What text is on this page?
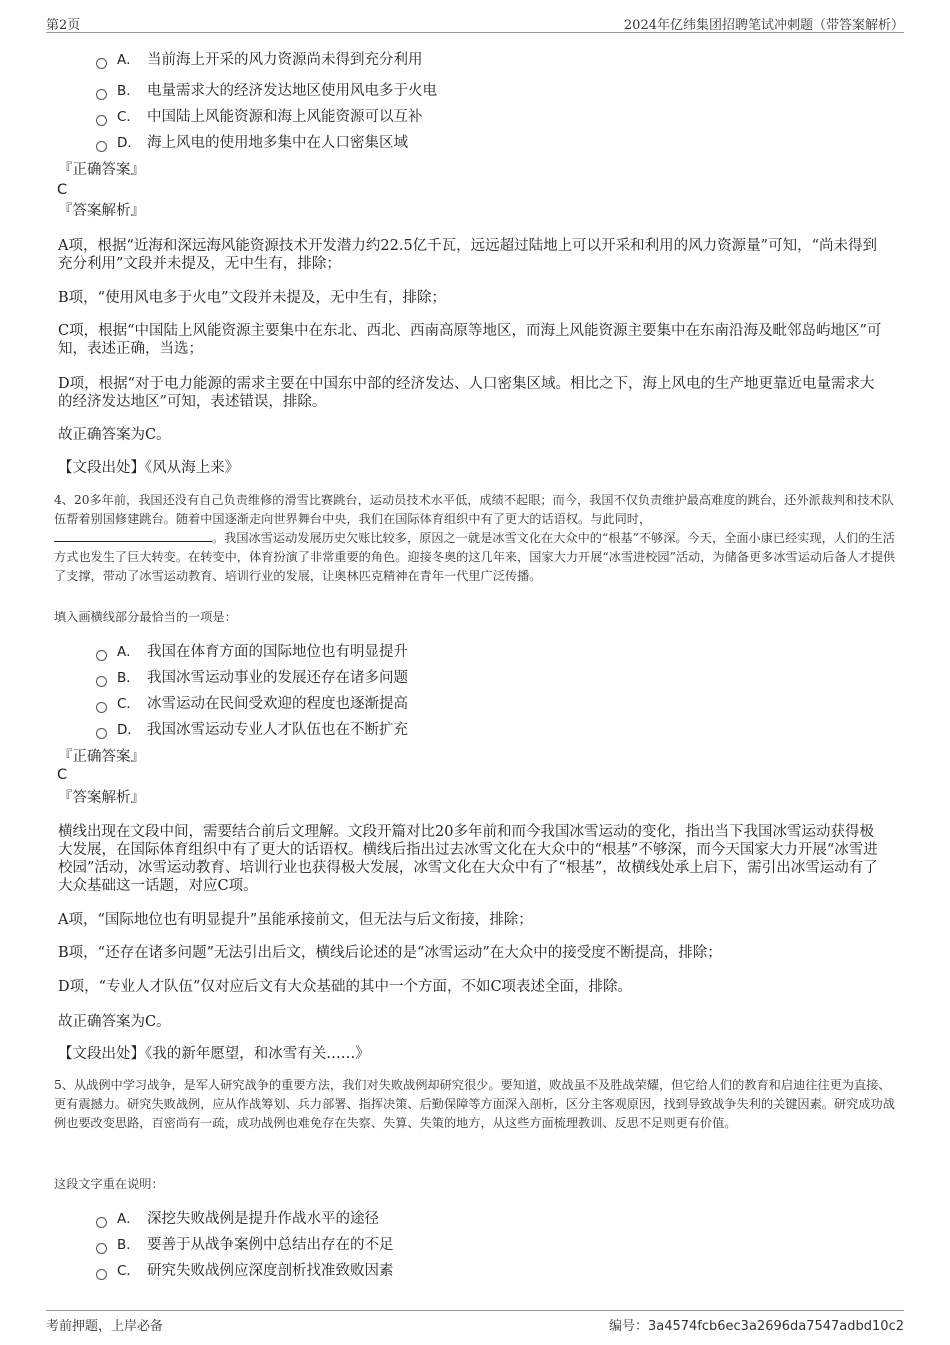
第2页	2024年亿纬集团招聘笔试冲刺题（带答案解析）
A． 当前海上开采的风力资源尚未得到充分利用
B． 电量需求大的经济发达地区使用风电多于火电
C． 中国陆上风能资源和海上风能资源可以互补
D． 海上风电的使用地多集中在人口密集区域
『正确答案』
C
『答案解析』
A项，根据“近海和深远海风能资源技术开发潜力约22.5亿千瓦，远远超过陆地上可以开采和利用的风力资源量”可知，“尚未得到充分利用”文段并未提及，无中生有，排除；
B项，“使用风电多于火电”文段并未提及，无中生有，排除；
C项，根据“中国陆上风能资源主要集中在东北、西北、西南高原等地区，而海上风能资源主要集中在东南沿海及毗邻岛屿地区”可知，表述正确，当选；
D项，根据“对于电力能源的需求主要在中国东中部的经济发达、人口密集区域。相比之下，海上风电的生产地更靠近电量需求大的经济发达地区”可知，表述错误，排除。
故正确答案为C。
【文段出处】《风从海上来》
4、20多年前，我国还没有自己负责维修的滑雪比赛跳台，运动员技术水平低，成绩不起眼；而今，我国不仅负责维护最高难度的跳台，还外派裁判和技术队伍帮着别国修建跳台。随着中国逐渐走向世界舞台中央，我们在国际体育组织中有了更大的话语权。与此同时，
。我国冰雪运动发展历史欠账比较多，原因之一就是冰雪文化在大众中的“根基”不够深。今天，全面小康已经实现，人们的生活方式也发生了巨大转变。在转变中，体育扮演了非常重要的角色。迎接冬奥的这几年来，国家大力开展“冰雪进校园”活动，为储备更多冰雪运动后备人才提供了支撑，带动了冰雪运动教育、培训行业的发展，让奥林匹克精神在青年一代里广泛传播。
填入画横线部分最恰当的一项是：
A． 我国在体育方面的国际地位也有明显提升
B． 我国冰雪运动事业的发展还存在诸多问题
C． 冰雪运动在民间受欢迎的程度也逐渐提高
D． 我国冰雪运动专业人才队伍也在不断扩充
『正确答案』
C
『答案解析』
横线出现在文段中间，需要结合前后文理解。文段开篇对比20多年前和而今我国冰雪运动的变化，指出当下我国冰雪运动获得极大发展，在国际体育组织中有了更大的话语权。横线后指出过去冰雪文化在大众中的“根基”不够深，而今天国家大力开展“冰雪进校园”活动，冰雪运动教育、培训行业也获得极大发展，冰雪文化在大众中有了“根基”，故横线处承上启下，需引出冰雪运动有了大众基础这一话题，对应C项。
A项，“国际地位也有明显提升”虽能承接前文，但无法与后文衔接，排除；
B项，“还存在诸多问题”无法引出后文，横线后论述的是“冰雪运动”在大众中的接受度不断提高，排除；
D项，“专业人才队伍”仅对应后文有大众基础的其中一个方面，不如C项表述全面，排除。
故正确答案为C。
【文段出处】《我的新年愿望，和冰雪有关……》
5、从战例中学习战争，是军人研究战争的重要方法，我们对失败战例却研究很少。要知道，败战虽不及胜战荣耀，但它给人们的教育和启迪往往更为直接、更有震撼力。研究失败战例，应从作战筹划、兵力部署、指挥决策、后勤保障等方面深入剖析，区分主客观原因，找到导致战争失利的关键因素。研究成功战例也要改变思路，百密尚有一疏，成功战例也难免存在失察、失算、失策的地方，从这些方面梳理教训、反思不足则更有价值。
这段文字重在说明：
A． 深挖失败战例是提升作战水平的途径
B． 要善于从战争案例中总结出存在的不足
C． 研究失败战例应深度剖析找准致败因素
考前押题，上岸必备	编号：3a4574fcb6ec3a2696da7547adbd10c2
